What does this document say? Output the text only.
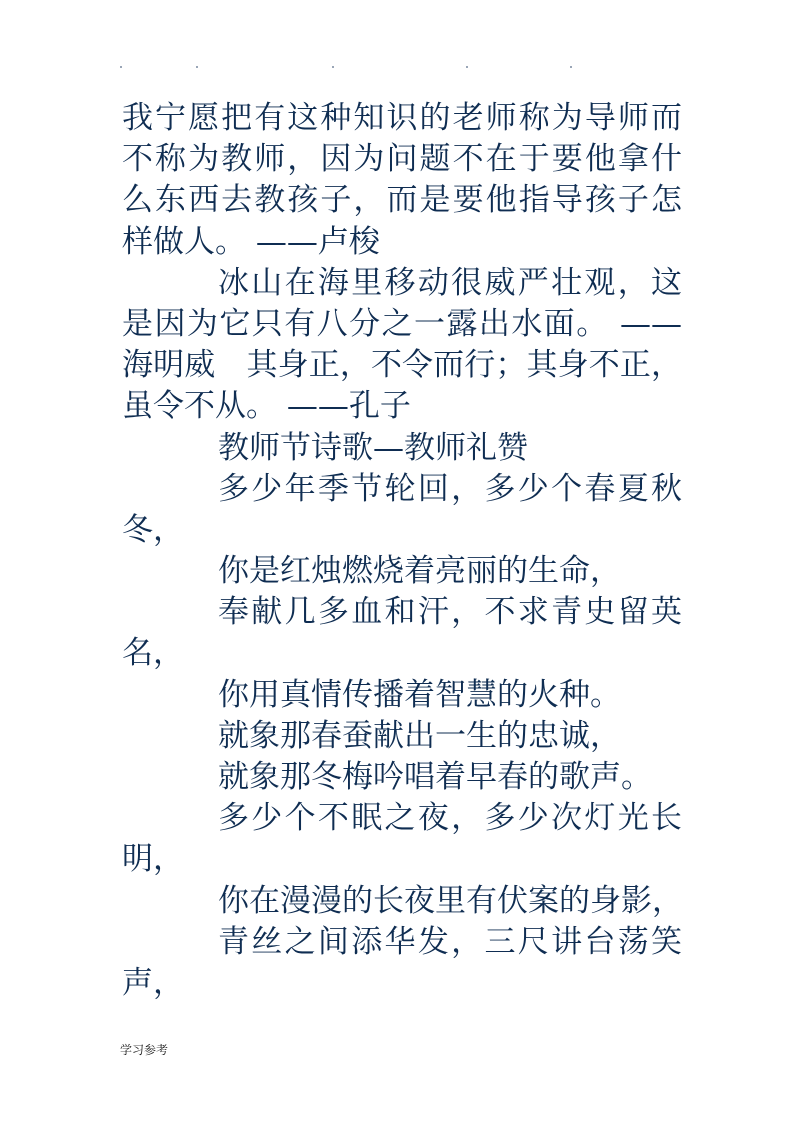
我宁愿把有这种知识的老师称为导师而
不称为教师，因为问题不在于要他拿什
么东西去教孩子，而是要他指导孩子怎
样做人。 ——卢梭
冰山在海里移动很威严壮观，这
是因为它只有八分之一露出水面。 ——
海明威　其身正，不令而行；其身不正，
虽令不从。 ——孔子
教师节诗歌—教师礼赞
多少年季节轮回，多少个春夏秋
冬，
你是红烛燃烧着亮丽的生命，
奉献几多血和汗，不求青史留英
名，
你用真情传播着智慧的火种。
就象那春蚕献出一生的忠诚，
就象那冬梅吟唱着早春的歌声。
多少个不眠之夜，多少次灯光长
明，
你在漫漫的长夜里有伏案的身影，
青丝之间添华发，三尺讲台荡笑
声，
学习参考
